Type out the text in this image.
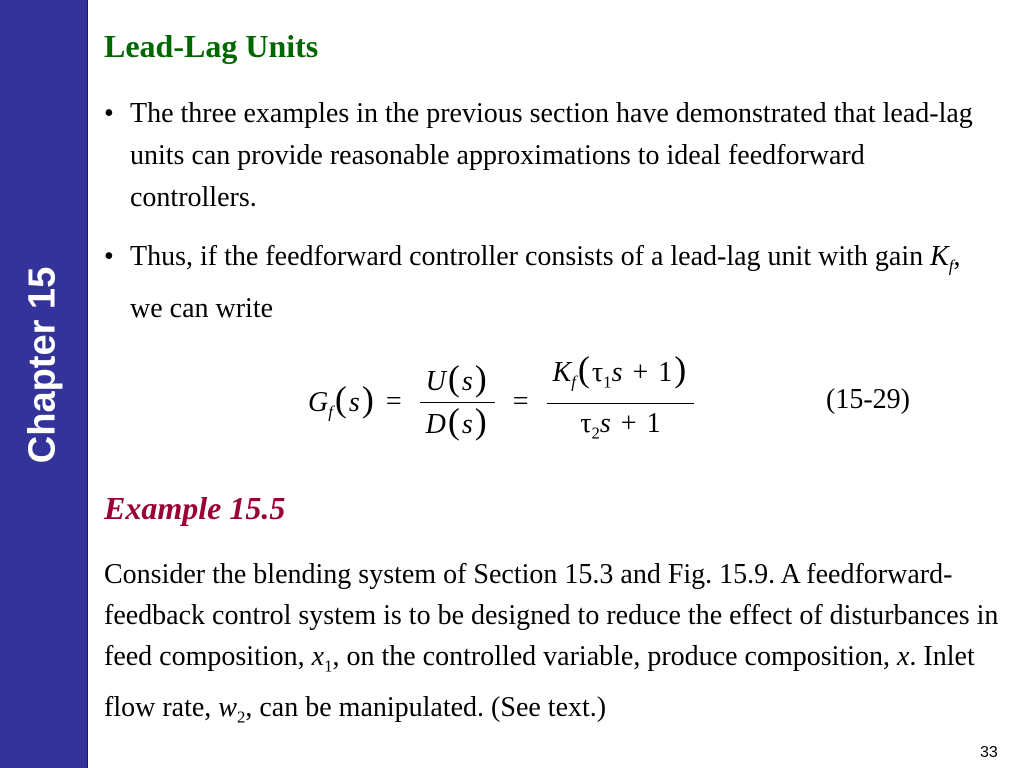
Chapter 15
Lead-Lag Units
• The three examples in the previous section have demonstrated that lead-lag units can provide reasonable approximations to ideal feedforward controllers.
• Thus, if the feedforward controller consists of a lead-lag unit with gain $K_f$, we can write
$G_f(s) = \frac{U(s)}{D(s)} = \frac{K_f(\tau_1s + 1)}{\tau_2s + 1}$	(15-29)
Example 15.5
Consider the blending system of Section 15.3 and Fig. 15.9. A feedforward-feedback control system is to be designed to reduce the effect of disturbances in feed composition, $x_1$, on the controlled variable, produce composition, x. Inlet flow rate, $w_2$, can be manipulated. (See text.)
33
